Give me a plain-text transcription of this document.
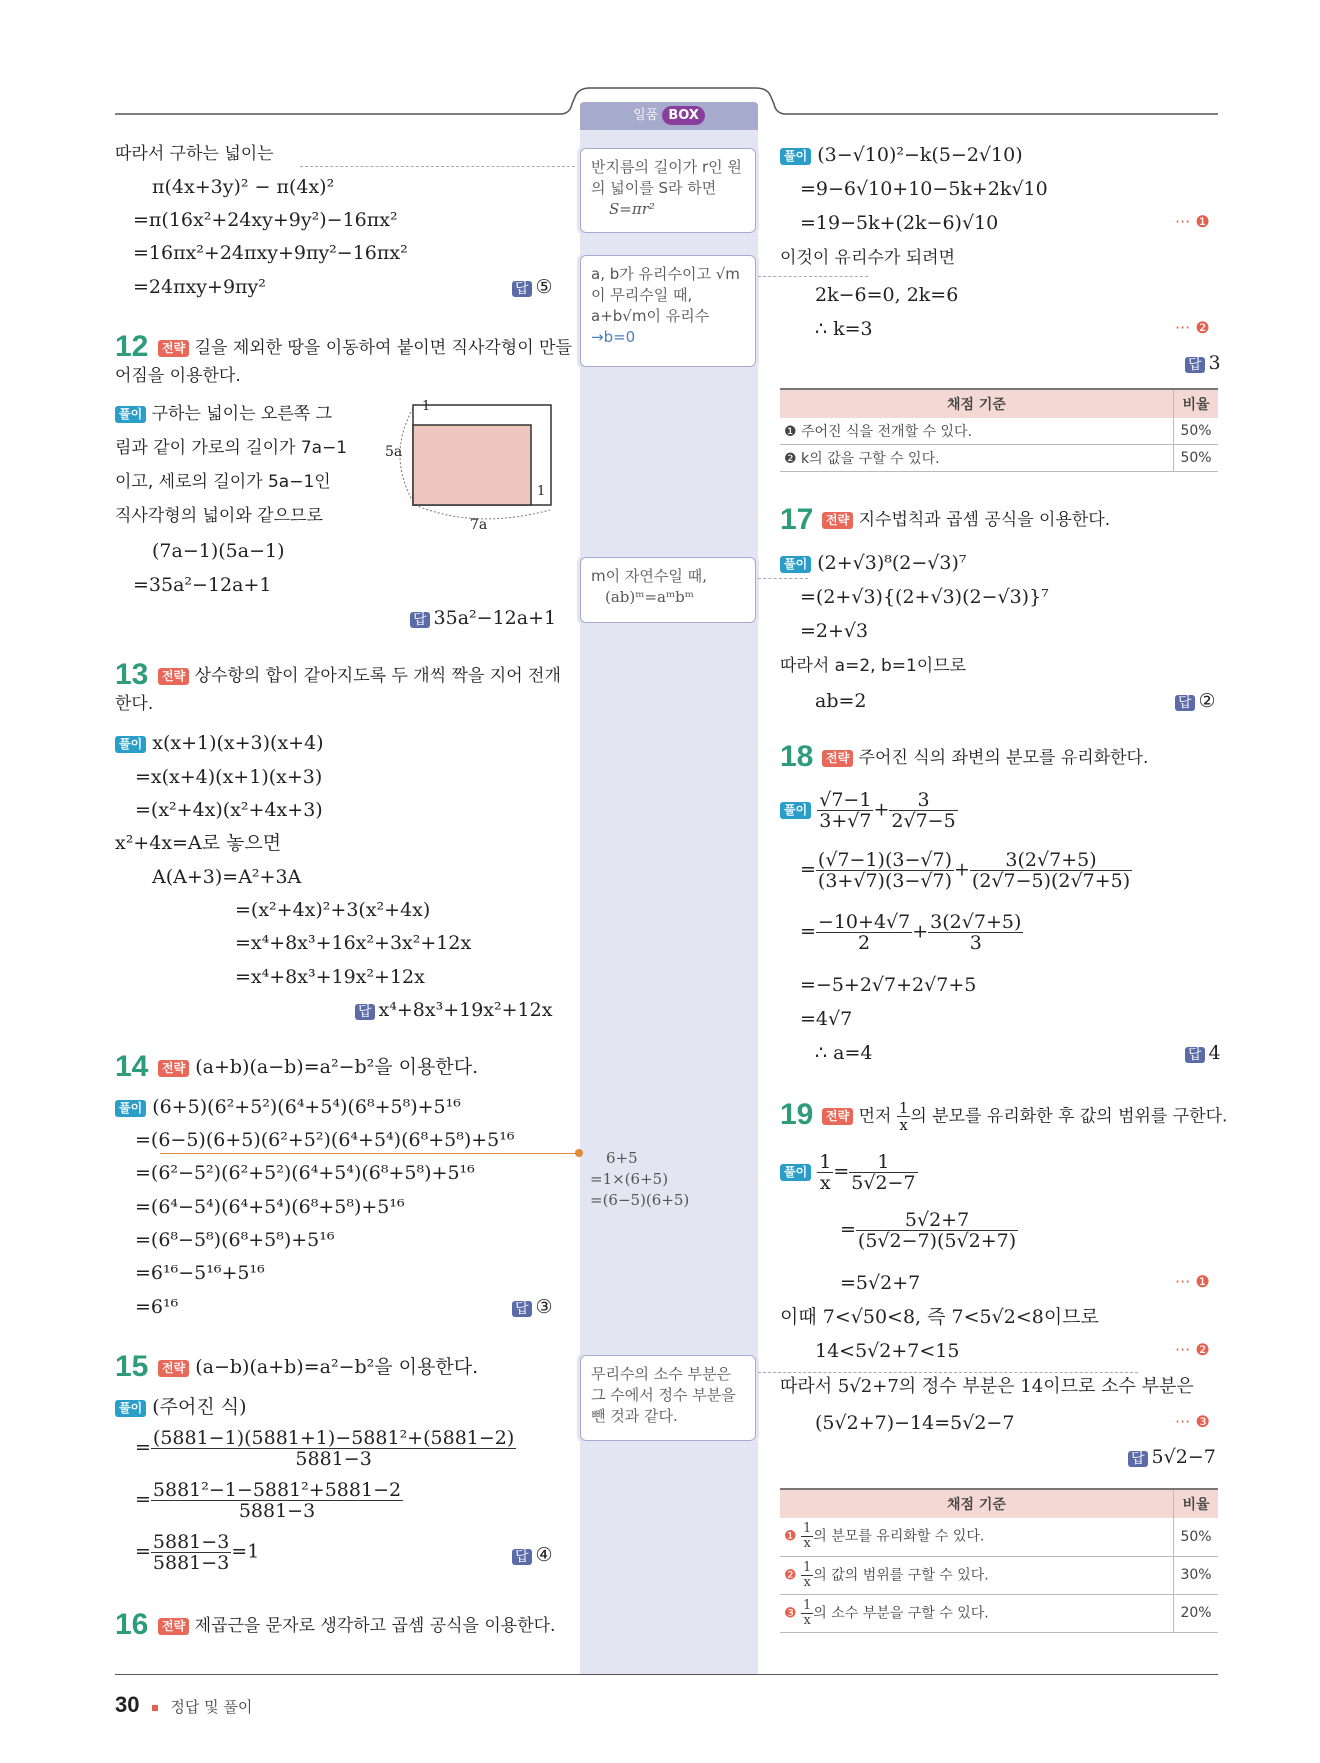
일품 BOX
따라서 구하는 넓이는
π(4x+3y)² − π(4x)²
=π(16x²+24xy+9y²)−16πx²
=16πx²+24πxy+9πy²−16πx²
=24πxy+9πy²	답 ⑤
12	전략 길을 제외한 땅을 이동하여 붙이면 직사각형이 만들
어짐을 이용한다.
풀이 구하는 넓이는 오른쪽 그
림과 같이 가로의 길이가 7a−1
이고, 세로의 길이가 5a−1인
직사각형의 넓이와 같으므로
1
5a
1
7a
(7a−1)(5a−1)
=35a²−12a+1
답 35a²−12a+1
13	전략 상수항의 합이 같아지도록 두 개씩 짝을 지어 전개
한다.
풀이 x(x+1)(x+3)(x+4)
=x(x+4)(x+1)(x+3)
=(x²+4x)(x²+4x+3)
x²+4x=A로 놓으면
A(A+3)=A²+3A
=(x²+4x)²+3(x²+4x)
=x⁴+8x³+16x²+3x²+12x
=x⁴+8x³+19x²+12x
답 x⁴+8x³+19x²+12x
14	전략 (a+b)(a−b)=a²−b²을 이용한다.
풀이 (6+5)(6²+5²)(6⁴+5⁴)(6⁸+5⁸)+5¹⁶
=(6−5)(6+5)(6²+5²)(6⁴+5⁴)(6⁸+5⁸)+5¹⁶
=(6²−5²)(6²+5²)(6⁴+5⁴)(6⁸+5⁸)+5¹⁶
=(6⁴−5⁴)(6⁴+5⁴)(6⁸+5⁸)+5¹⁶
=(6⁸−5⁸)(6⁸+5⁸)+5¹⁶
=6¹⁶−5¹⁶+5¹⁶
=6¹⁶	답 ③
15	전략 (a−b)(a+b)=a²−b²을 이용한다.
풀이 (주어진 식)
= $\frac{\text{(5881−1)(5881+1)−5881²+(5881−2)}}{5881-3}$
= $\frac{\text{5881²−1−5881²+5881−2}}{5881-3}$
= $\frac{5881-3}{5881-3} =1$	답 ④
16	전략 제곱근을 문자로 생각하고 곱셈 공식을 이용한다.
반지름의 길이가 r인 원
의 넓이를 S라 하면
S=πr²
a, b가 유리수이고 √m
이 무리수일 때,
a+b√m이 유리수
→b=0
m이 자연수일 때,
(ab)ᵐ=aᵐbᵐ
6+5
=1×(6+5)
=(6−5)(6+5)
무리수의 소수 부분은
그 수에서 정수 부분을
뺀 것과 같다.
풀이 (3−√10)²−k(5−2√10)
=9−6√10+10−5k+2k√10
=19−5k+(2k−6)√10	··· ❶
이것이 유리수가 되려면
2k−6=0, 2k=6
∴ k=3	··· ❷
답 3
채점 기준	비율
❶ 주어진 식을 전개할 수 있다.	50%
❷ k의 값을 구할 수 있다.	50%
17	전략 지수법칙과 곱셈 공식을 이용한다.
풀이 (2+√3)⁸(2−√3)⁷
=(2+√3){(2+√3)(2−√3)}⁷
=2+√3
따라서 a=2, b=1이므로
ab=2	답 ②
18	전략 주어진 식의 좌변의 분모를 유리화한다.
풀이 $\frac{√7-1}{3+√7} + \frac{3}{2√7-5}$
= $\frac{(√7-1)(3-√7)}{(3+√7)(3-√7)} + \frac{3(2√7+5)}{(2√7-5)(2√7+5)}$
= $\frac{-10+4√7}{2} + \frac{3(2√7+5)}{3}$
=−5+2√7+2√7+5
=4√7
∴ a=4	답 4
19	전략 먼저 $\frac{1}{x}$ 의 분모를 유리화한 후 값의 범위를 구한다.
풀이 $\frac{1}{x} = \frac{1}{5√2-7}$
= $\frac{5√2+7}{(5√2-7)(5√2+7)}$
=5√2+7	··· ❶
이때 7<√50<8, 즉 7<5√2<8이므로
14<5√2+7<15	··· ❷
따라서 5√2+7의 정수 부분은 14이므로 소수 부분은
(5√2+7)−14=5√2−7	··· ❸
답 5√2−7
채점 기준	비율
❶ $\frac{1}{x}$ 의 분모를 유리화할 수 있다.	50%
❷ $\frac{1}{x}$ 의 값의 범위를 구할 수 있다.	30%
❸ $\frac{1}{x}$ 의 소수 부분을 구할 수 있다.	20%
30 정답 및 풀이
